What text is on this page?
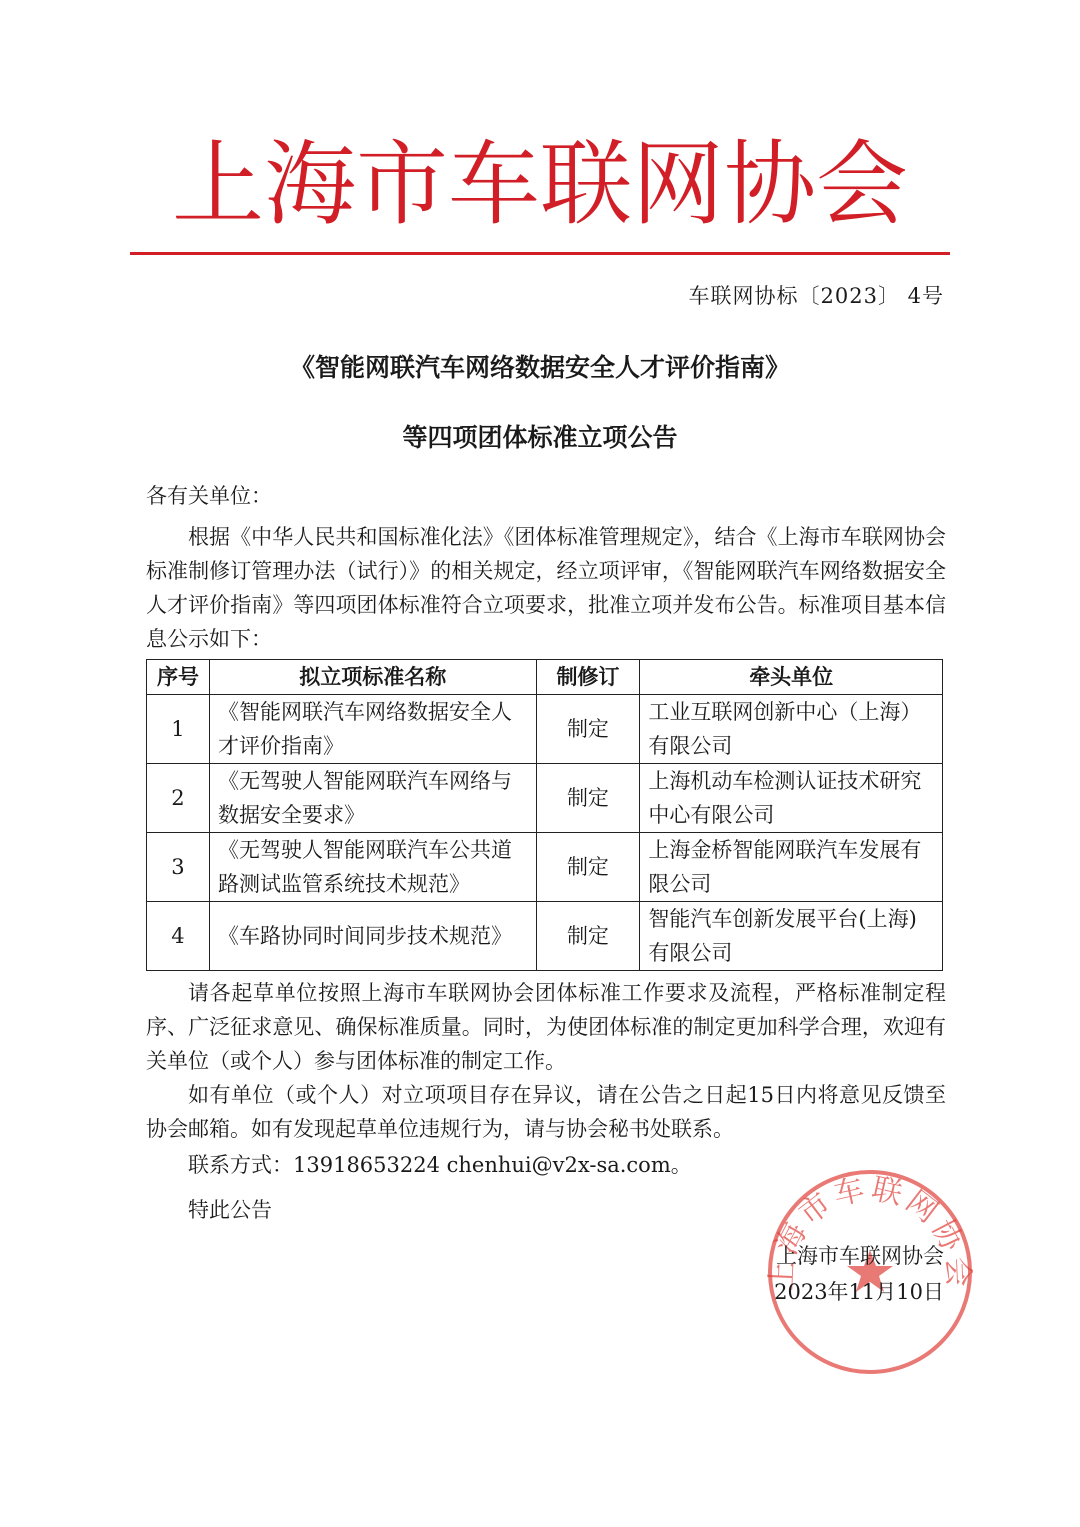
上海市车联网协会
车联网协标〔2023〕 4号
《智能网联汽车网络数据安全人才评价指南》
等四项团体标准立项公告
各有关单位：

根据《中华人民共和国标准化法》《团体标准管理规定》，结合《上海市车联网协会标准制修订管理办法（试行）》的相关规定，经立项评审，《智能网联汽车网络数据安全人才评价指南》等四项团体标准符合立项要求，批准立项并发布公告。标准项目基本信息公示如下：

序号	拟立项标准名称	制修订	牵头单位
1	《智能网联汽车网络数据安全人才评价指南》	制定	工业互联网创新中心（上海）有限公司
2	《无驾驶人智能网联汽车网络与数据安全要求》	制定	上海机动车检测认证技术研究中心有限公司
3	《无驾驶人智能网联汽车公共道路测试监管系统技术规范》	制定	上海金桥智能网联汽车发展有限公司
4	《车路协同时间同步技术规范》	制定	智能汽车创新发展平台(上海)有限公司

请各起草单位按照上海市车联网协会团体标准工作要求及流程，严格标准制定程序、广泛征求意见、确保标准质量。同时，为使团体标准的制定更加科学合理，欢迎有关单位（或个人）参与团体标准的制定工作。

如有单位（或个人）对立项项目存在异议，请在公告之日起15日内将意见反馈至协会邮箱。如有发现起草单位违规行为，请与协会秘书处联系。

联系方式：13918653224 chenhui@v2x-sa.com。

特此公告

上海市车联网协会
上海市车联网协会
2023年11月10日
